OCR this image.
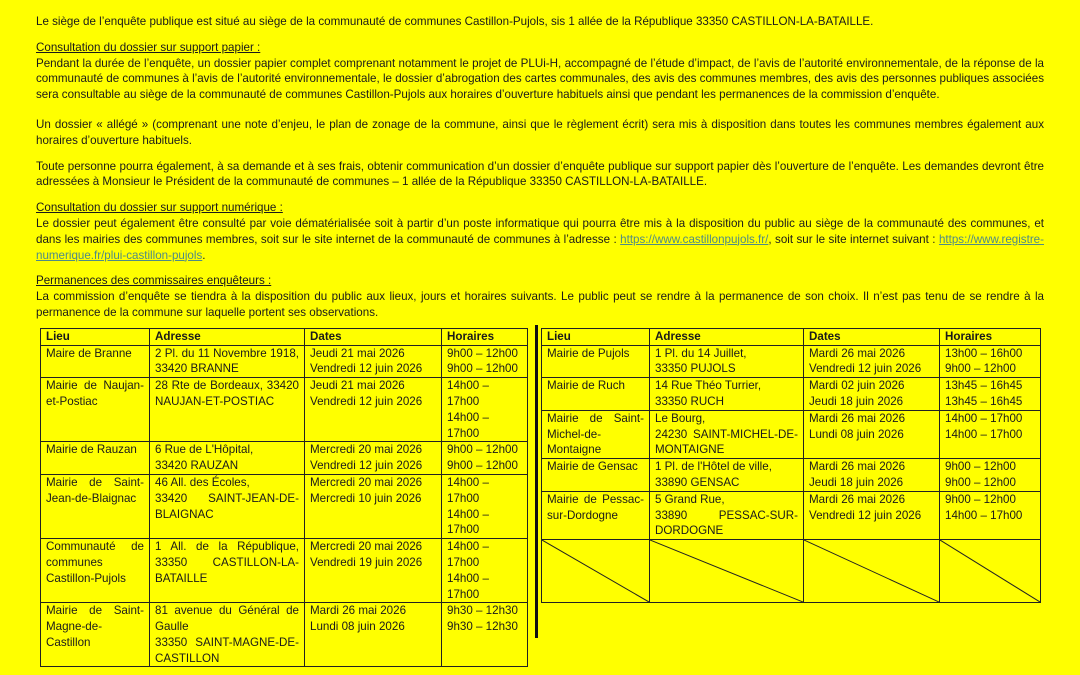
Le siège de l’enquête publique est situé au siège de la communauté de communes Castillon-Pujols, sis 1 allée de la République 33350 CASTILLON-LA-BATAILLE.

Consultation du dossier sur support papier :
Pendant la durée de l’enquête, un dossier papier complet comprenant notamment le projet de PLUi-H, accompagné de l’étude d’impact, de l’avis de l’autorité environnementale, de la réponse de la communauté de communes à l’avis de l’autorité environnementale, le dossier d’abrogation des cartes communales, des avis des communes membres, des avis des personnes publiques associées sera consultable au siège de la communauté de communes Castillon-Pujols aux horaires d’ouverture habituels ainsi que pendant les permanences de la commission d’enquête.

Un dossier « allégé » (comprenant une note d’enjeu, le plan de zonage de la commune, ainsi que le règlement écrit) sera mis à disposition dans toutes les communes membres également aux horaires d’ouverture habituels.

Toute personne pourra également, à sa demande et à ses frais, obtenir communication d’un dossier d’enquête publique sur support papier dès l’ouverture de l’enquête. Les demandes devront être adressées à Monsieur le Président de la communauté de communes – 1 allée de la République 33350 CASTILLON-LA-BATAILLE.

Consultation du dossier sur support numérique :
Le dossier peut également être consulté par voie dématérialisée soit à partir d’un poste informatique qui pourra être mis à la disposition du public au siège de la communauté des communes, et dans les mairies des communes membres, soit sur le site internet de la communauté de communes à l’adresse : https://www.castillonpujols.fr/, soit sur le site internet suivant : https://www.registre-numerique.fr/plui-castillon-pujols.

Permanences des commissaires enquêteurs :
La commission d’enquête se tiendra à la disposition du public aux lieux, jours et horaires suivants. Le public peut se rendre à la permanence de son choix. Il n’est pas tenu de se rendre à la permanence de la commune sur laquelle portent ses observations.

Lieu	Adresse	Dates	Horaires
Maire de Branne	2 Pl. du 11 Novembre 1918, 33420 BRANNE	Jeudi 21 mai 2026
Vendredi 12 juin 2026	9h00 – 12h00
9h00 – 12h00
Mairie de Naujan-et-Postiac	28 Rte de Bordeaux, 33420 NAUJAN-ET-POSTIAC	Jeudi 21 mai 2026
Vendredi 12 juin 2026	14h00 – 17h00
14h00 – 17h00
Mairie de Rauzan	6 Rue de L'Hôpital,
33420 RAUZAN	Mercredi 20 mai 2026
Vendredi 12 juin 2026	9h00 – 12h00
9h00 – 12h00
Mairie de Saint-Jean-de-Blaignac	46 All. des Écoles,
33420 SAINT-JEAN-DE-BLAIGNAC	Mercredi 20 mai 2026
Mercredi 10 juin 2026	14h00 – 17h00
14h00 – 17h00
Communauté de communes Castillon-Pujols	1 All. de la République, 33350 CASTILLON-LA-BATAILLE	Mercredi 20 mai 2026
Vendredi 19 juin 2026	14h00 – 17h00
14h00 – 17h00
Mairie de Saint-Magne-de-Castillon	81 avenue du Général de Gaulle
33350 SAINT-MAGNE-DE-CASTILLON	Mardi 26 mai 2026
Lundi 08 juin 2026	9h30 – 12h30
9h30 – 12h30
Lieu	Adresse	Dates	Horaires
Mairie de Pujols	1 Pl. du 14 Juillet,
33350 PUJOLS	Mardi 26 mai 2026
Vendredi 12 juin 2026	13h00 – 16h00
9h00 – 12h00
Mairie de Ruch	14 Rue Théo Turrier,
33350 RUCH	Mardi 02 juin 2026
Jeudi 18 juin 2026	13h45 – 16h45
13h45 – 16h45
Mairie de Saint-Michel-de-Montaigne	Le Bourg,
24230 SAINT-MICHEL-DE-MONTAIGNE	Mardi 26 mai 2026
Lundi 08 juin 2026	14h00 – 17h00
14h00 – 17h00
Mairie de Gensac	1 Pl. de l'Hôtel de ville,
33890 GENSAC	Mardi 26 mai 2026
Jeudi 18 juin 2026	9h00 – 12h00
9h00 – 12h00
Mairie de Pessac-sur-Dordogne	5 Grand Rue,
33890 PESSAC-SUR-DORDOGNE	Mardi 26 mai 2026
Vendredi 12 juin 2026	9h00 – 12h00
14h00 – 17h00
